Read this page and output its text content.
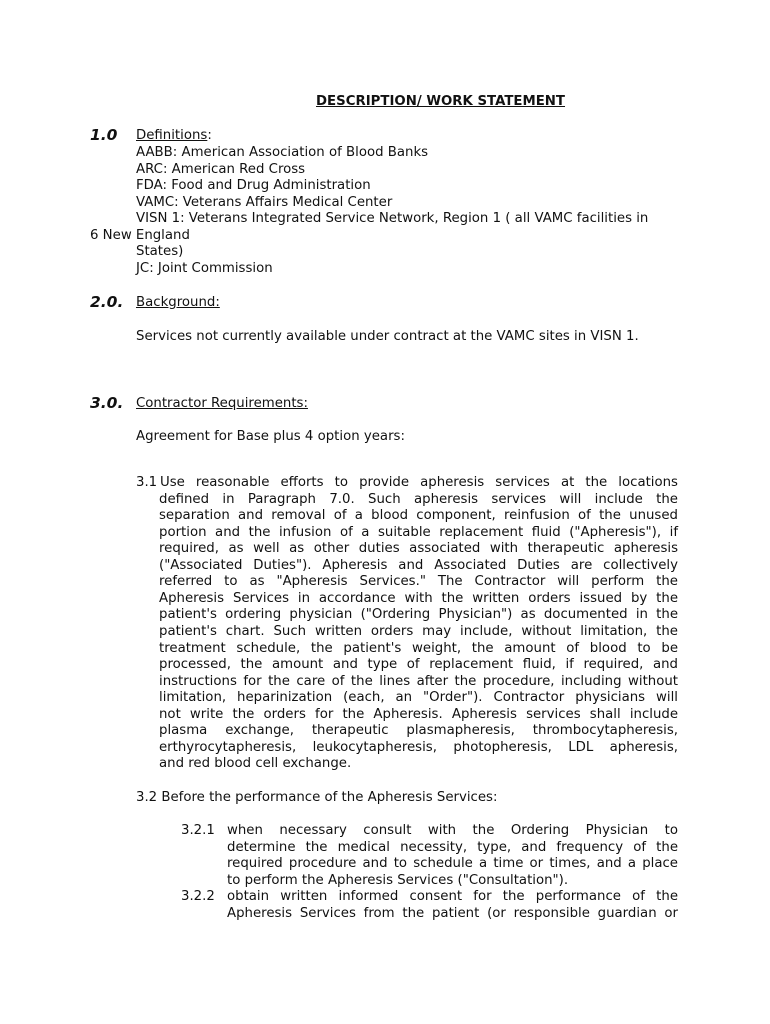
DESCRIPTION/ WORK STATEMENT
1.0 Definitions:
AABB: American Association of Blood Banks
ARC: American Red Cross
FDA: Food and Drug Administration
VAMC: Veterans Affairs Medical Center
VISN 1: Veterans Integrated Service Network, Region 1 ( all VAMC facilities in
6 New England
States)
JC: Joint Commission
2.0. Background:
Services not currently available under contract at the VAMC sites in VISN 1.
3.0. Contractor Requirements:
Agreement for Base plus 4 option years:
3.1 Use reasonable efforts to provide apheresis services at the locations
defined in Paragraph 7.0. Such apheresis services will include the
separation and removal of a blood component, reinfusion of the unused
portion and the infusion of a suitable replacement fluid ("Apheresis"), if
required, as well as other duties associated with therapeutic apheresis
("Associated Duties"). Apheresis and Associated Duties are collectively
referred to as "Apheresis Services." The Contractor will perform the
Apheresis Services in accordance with the written orders issued by the
patient's ordering physician ("Ordering Physician") as documented in the
patient's chart. Such written orders may include, without limitation, the
treatment schedule, the patient's weight, the amount of blood to be
processed, the amount and type of replacement fluid, if required, and
instructions for the care of the lines after the procedure, including without
limitation, heparinization (each, an "Order"). Contractor physicians will
not write the orders for the Apheresis. Apheresis services shall include
plasma exchange, therapeutic plasmapheresis, thrombocytapheresis,
erthyrocytapheresis, leukocytapheresis, photopheresis, LDL apheresis,
and red blood cell exchange.
3.2 Before the performance of the Apheresis Services:
3.2.1 when necessary consult with the Ordering Physician to
determine the medical necessity, type, and frequency of the
required procedure and to schedule a time or times, and a place
to perform the Apheresis Services ("Consultation").
3.2.2 obtain written informed consent for the performance of the
Apheresis Services from the patient (or responsible guardian or
